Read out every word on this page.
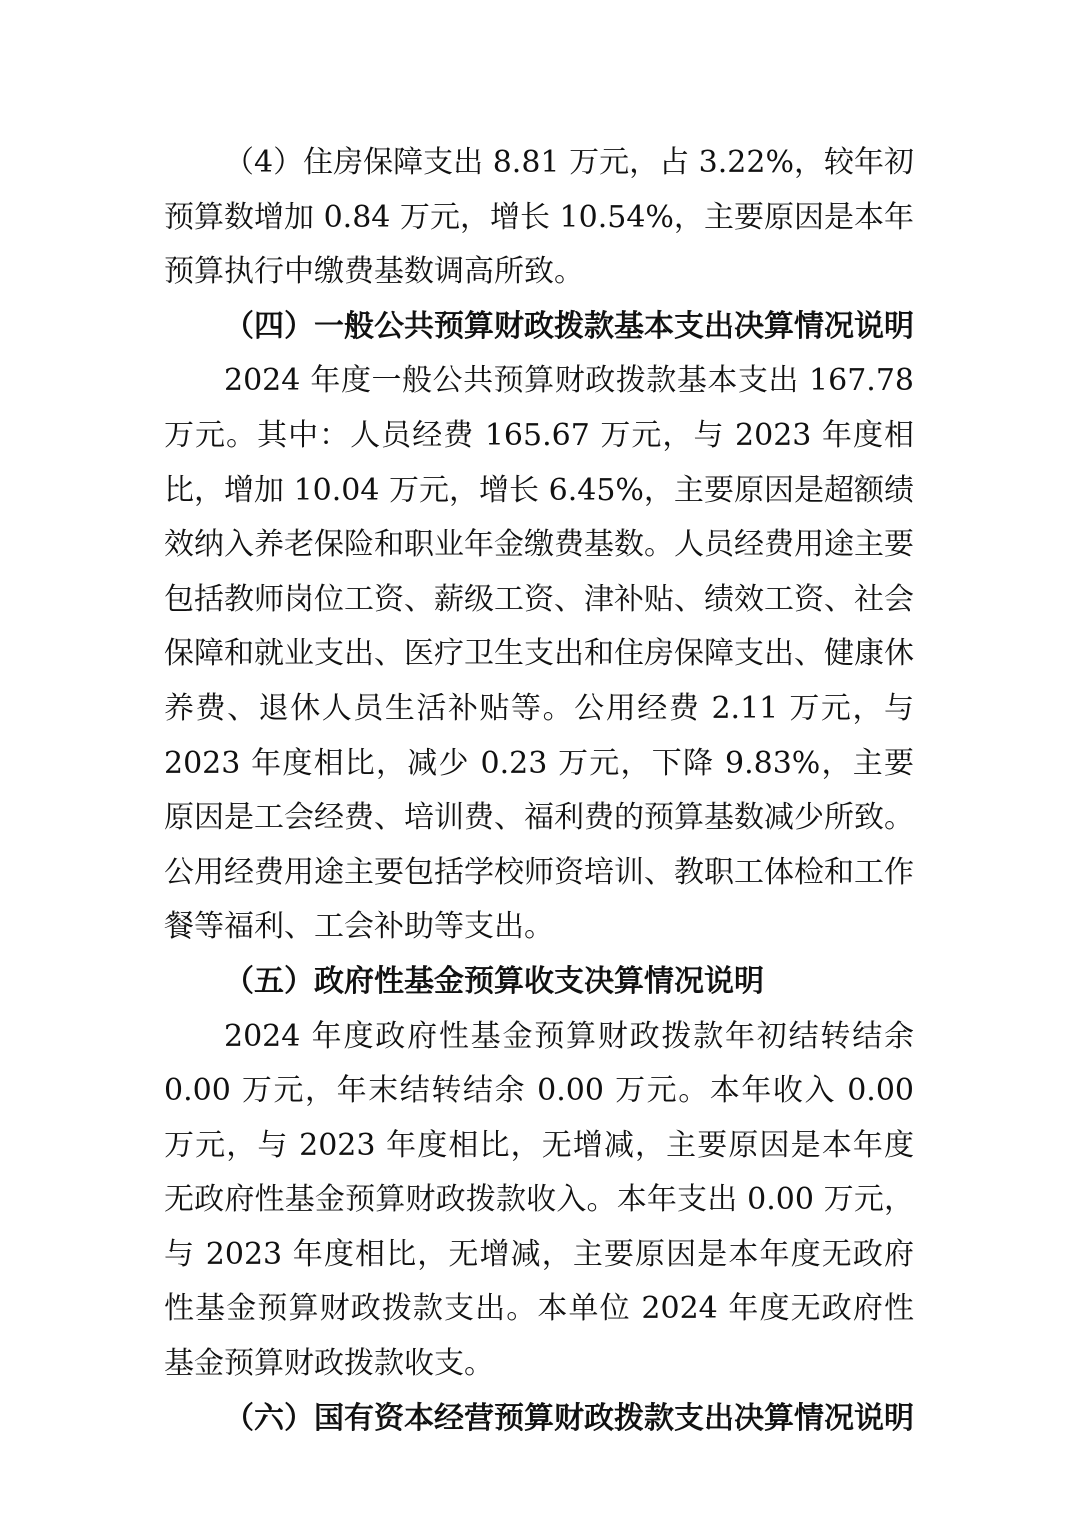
（4）住房保障支出 8.81 万元，占 3.22%，较年初预算数增加 0.84 万元，增长 10.54%，主要原因是本年预算执行中缴费基数调高所致。

（四）一般公共预算财政拨款基本支出决算情况说明

2024 年度一般公共预算财政拨款基本支出 167.78 万元。其中：人员经费 165.67 万元，与 2023 年度相比，增加 10.04 万元，增长 6.45%，主要原因是超额绩效纳入养老保险和职业年金缴费基数。人员经费用途主要包括教师岗位工资、薪级工资、津补贴、绩效工资、社会保障和就业支出、医疗卫生支出和住房保障支出、健康休养费、退休人员生活补贴等。公用经费 2.11 万元，与 2023 年度相比，减少 0.23 万元，下降 9.83%，主要原因是工会经费、培训费、福利费的预算基数减少所致。公用经费用途主要包括学校师资培训、教职工体检和工作餐等福利、工会补助等支出。

（五）政府性基金预算收支决算情况说明

2024 年度政府性基金预算财政拨款年初结转结余 0.00 万元，年末结转结余 0.00 万元。本年收入 0.00 万元，与 2023 年度相比，无增减，主要原因是本年度无政府性基金预算财政拨款收入。本年支出 0.00 万元，与 2023 年度相比，无增减，主要原因是本年度无政府性基金预算财政拨款支出。本单位 2024 年度无政府性基金预算财政拨款收支。

（六）国有资本经营预算财政拨款支出决算情况说明
